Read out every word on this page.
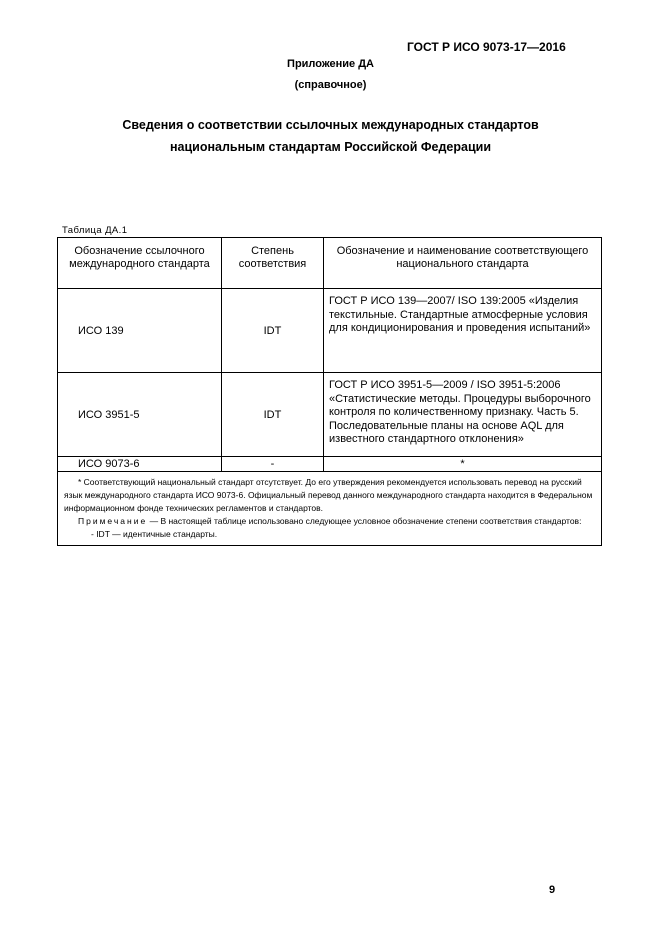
ГОСТ Р ИСО 9073-17—2016
Приложение ДА
(справочное)
Сведения о соответствии ссылочных международных стандартов
национальным стандартам Российской Федерации
Таблица ДА.1
Обозначение ссылочного международного стандарта	Степень соответствия	Обозначение и наименование соответствующего национального стандарта
ИСО 139	IDT	ГОСТ Р ИСО 139—2007/ ISO 139:2005 «Изделия текстильные. Стандартные атмосферные условия для кондиционирования и проведения испытаний»
ИСО 3951-5	IDT	ГОСТ Р ИСО 3951-5—2009 / ISO 3951-5:2006 «Статистические методы. Процедуры выборочного контроля по количественному признаку. Часть 5. Последовательные планы на основе AQL для известного стандартного отклонения»
ИСО 9073-6	-	*

* Соответствующий национальный стандарт отсутствует. До его утверждения рекомендуется использовать перевод на русский язык международного стандарта ИСО 9073-6. Официальный перевод данного международного стандарта находится в Федеральном информационном фонде технических регламентов и стандартов.

Примечание — В настоящей таблице использовано следующее условное обозначение степени соответствия стандартов:

- IDT — идентичные стандарты.		

9
